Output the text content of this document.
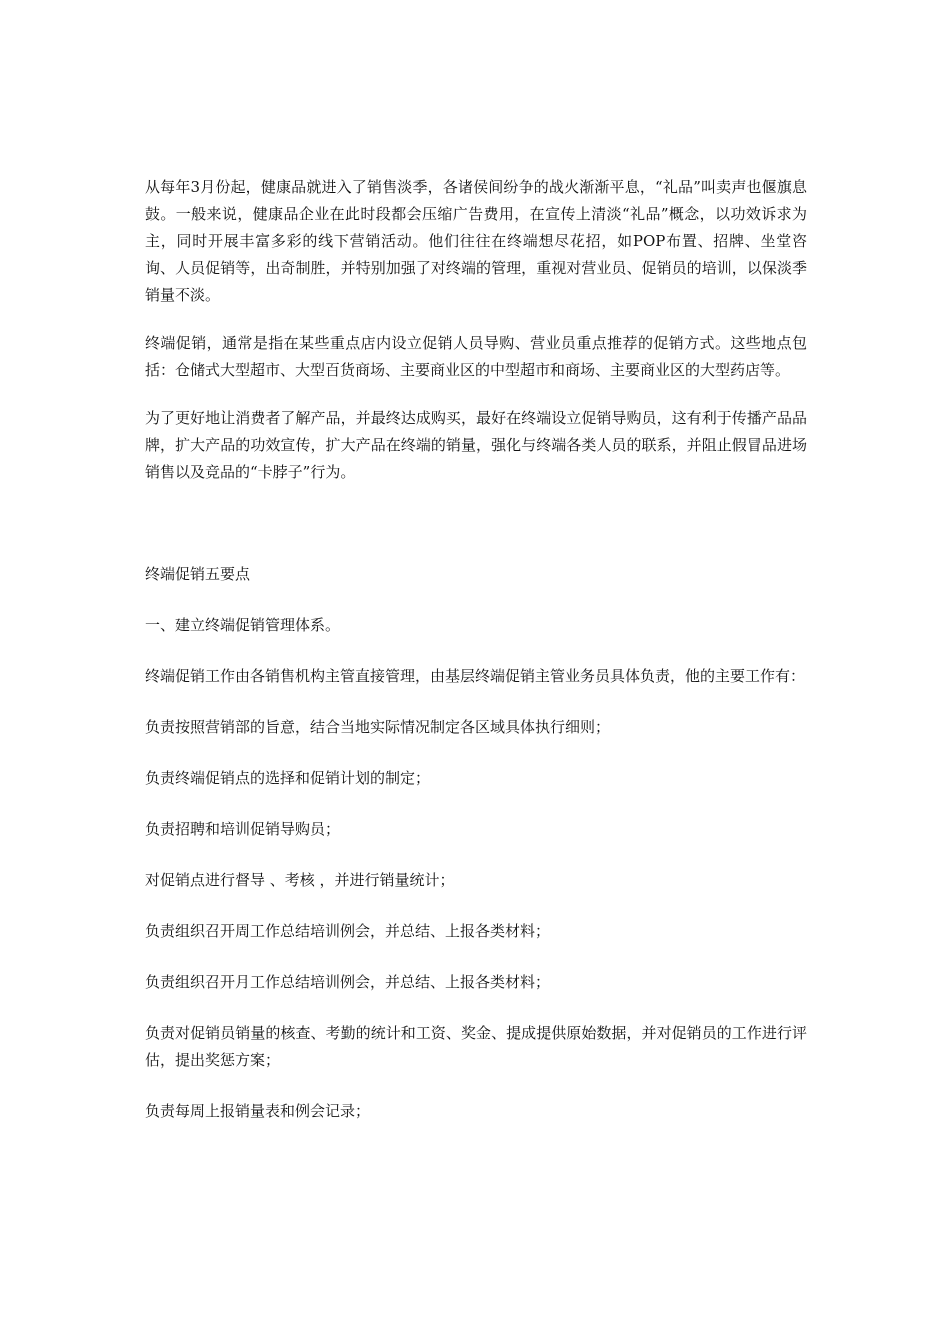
从每年3月份起，健康品就进入了销售淡季，各诸侯间纷争的战火渐渐平息，“礼品”叫卖声也偃旗息鼓。一般来说，健康品企业在此时段都会压缩广告费用，在宣传上清淡“礼品”概念，以功效诉求为主，同时开展丰富多彩的线下营销活动。他们往往在终端想尽花招，如POP布置、招牌、坐堂咨询、人员促销等，出奇制胜，并特别加强了对终端的管理，重视对营业员、促销员的培训，以保淡季销量不淡。

终端促销，通常是指在某些重点店内设立促销人员导购、营业员重点推荐的促销方式。这些地点包括：仓储式大型超市、大型百货商场、主要商业区的中型超市和商场、主要商业区的大型药店等。

为了更好地让消费者了解产品，并最终达成购买，最好在终端设立促销导购员，这有利于传播产品品牌，扩大产品的功效宣传，扩大产品在终端的销量，强化与终端各类人员的联系，并阻止假冒品进场销售以及竞品的“卡脖子”行为。

终端促销五要点

一、建立终端促销管理体系。

终端促销工作由各销售机构主管直接管理，由基层终端促销主管业务员具体负责，他的主要工作有：

负责按照营销部的旨意，结合当地实际情况制定各区域具体执行细则；

负责终端促销点的选择和促销计划的制定；

负责招聘和培训促销导购员；

对促销点进行督导 、考核 ，并进行销量统计；

负责组织召开周工作总结培训例会，并总结、上报各类材料；

负责组织召开月工作总结培训例会，并总结、上报各类材料；

负责对促销员销量的核查、考勤的统计和工资、奖金、提成提供原始数据，并对促销员的工作进行评估，提出奖惩方案；

负责每周上报销量表和例会记录；
